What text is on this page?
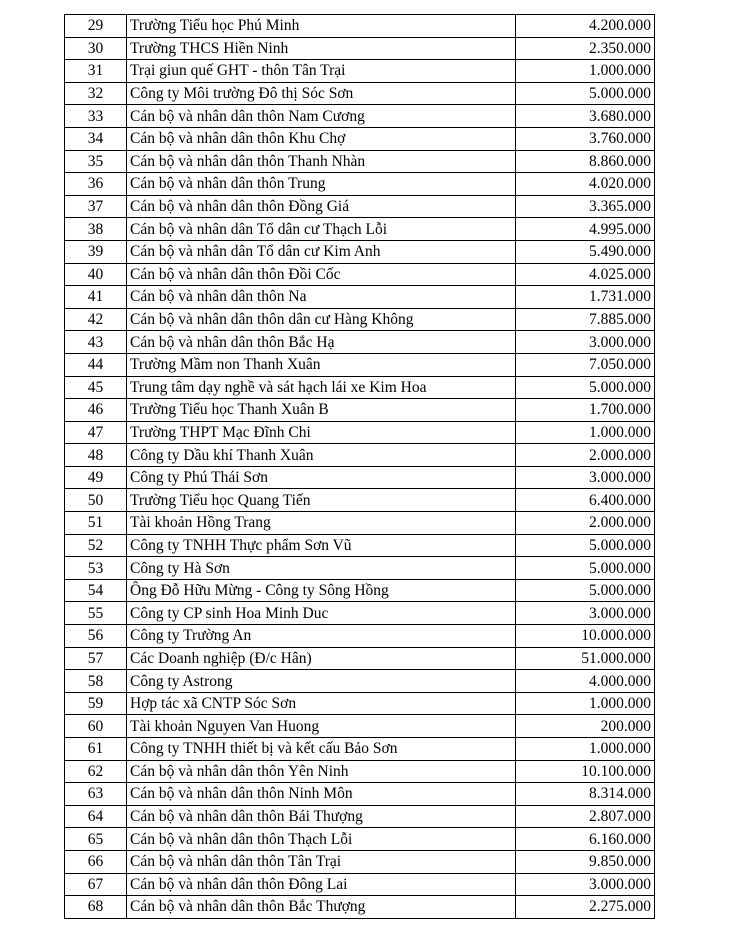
29	Trường Tiểu học Phú Minh	4.200.000
30	Trường THCS Hiền Ninh	2.350.000
31	Trại giun quế GHT - thôn Tân Trại	1.000.000
32	Công ty Môi trường Đô thị Sóc Sơn	5.000.000
33	Cán bộ và nhân dân thôn Nam Cương	3.680.000
34	Cán bộ và nhân dân thôn Khu Chợ	3.760.000
35	Cán bộ và nhân dân thôn Thanh Nhàn	8.860.000
36	Cán bộ và nhân dân thôn Trung	4.020.000
37	Cán bộ và nhân dân thôn Đồng Giá	3.365.000
38	Cán bộ và nhân dân Tổ dân cư Thạch Lỗi	4.995.000
39	Cán bộ và nhân dân Tổ dân cư Kim Anh	5.490.000
40	Cán bộ và nhân dân thôn Đồi Cốc	4.025.000
41	Cán bộ và nhân dân thôn Na	1.731.000
42	Cán bộ và nhân dân thôn dân cư Hàng Không	7.885.000
43	Cán bộ và nhân dân thôn Bắc Hạ	3.000.000
44	Trường Mầm non Thanh Xuân	7.050.000
45	Trung tâm dạy nghề và sát hạch lái xe Kim Hoa	5.000.000
46	Trường Tiểu học Thanh Xuân B	1.700.000
47	Trường THPT Mạc Đĩnh Chi	1.000.000
48	Công ty Dầu khí Thanh Xuân	2.000.000
49	Công ty Phú Thái Sơn	3.000.000
50	Trường Tiểu học Quang Tiến	6.400.000
51	Tài khoản Hồng Trang	2.000.000
52	Công ty TNHH Thực phẩm Sơn Vũ	5.000.000
53	Công ty Hà Sơn	5.000.000
54	Ông Đỗ Hữu Mừng - Công ty Sông Hồng	5.000.000
55	Công ty CP sinh Hoa Minh Duc	3.000.000
56	Công ty Trường An	10.000.000
57	Các Doanh nghiệp (Đ/c Hân)	51.000.000
58	Công ty Astrong	4.000.000
59	Hợp tác xã CNTP Sóc Sơn	1.000.000
60	Tài khoản Nguyen Van Huong	200.000
61	Công ty TNHH thiết bị và kết cấu Bảo Sơn	1.000.000
62	Cán bộ và nhân dân thôn Yên Ninh	10.100.000
63	Cán bộ và nhân dân thôn Ninh Môn	8.314.000
64	Cán bộ và nhân dân thôn Bái Thượng	2.807.000
65	Cán bộ và nhân dân thôn Thạch Lỗi	6.160.000
66	Cán bộ và nhân dân thôn Tân Trại	9.850.000
67	Cán bộ và nhân dân thôn Đông Lai	3.000.000
68	Cán bộ và nhân dân thôn Bắc Thượng	2.275.000
